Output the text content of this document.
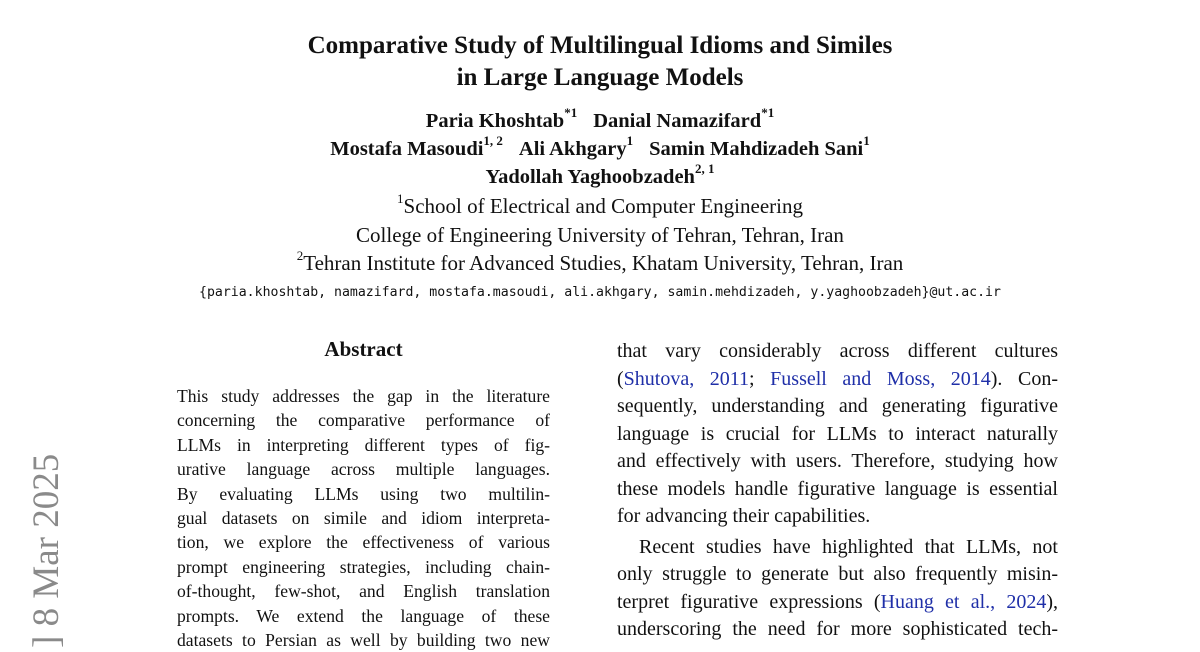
Comparative Study of Multilingual Idioms and Similes
in Large Language Models
Paria Khoshtab$^{*1}$ Danial Namazifard$^{*1}$
Mostafa Masoudi$^{1, 2}$ Ali Akhgary$^1$ Samin Mahdizadeh Sani$^1$
Yadollah Yaghoobzadeh$^{2, 1}$
$^1$School of Electrical and Computer Engineering
College of Engineering University of Tehran, Tehran, Iran
$^2$Tehran Institute for Advanced Studies, Khatam University, Tehran, Iran
{paria.khoshtab, namazifard, mostafa.masoudi, ali.akhgary, samin.mehdizadeh, y.yaghoobzadeh}@ut.ac.ir
] 8 Mar 2025
Abstract
This study addresses the gap in the literature
concerning the comparative performance of
LLMs in interpreting different types of fig-
urative language across multiple languages.
By evaluating LLMs using two multilin-
gual datasets on simile and idiom interpreta-
tion, we explore the effectiveness of various
prompt engineering strategies, including chain-
of-thought, few-shot, and English translation
prompts. We extend the language of these
datasets to Persian as well by building two new
that vary considerably across different cultures
(Shutova, 2011; Fussell and Moss, 2014). Con-
sequently, understanding and generating figurative
language is crucial for LLMs to interact naturally
and effectively with users. Therefore, studying how
these models handle figurative language is essential
for advancing their capabilities.
Recent studies have highlighted that LLMs, not
only struggle to generate but also frequently misin-
terpret figurative expressions (Huang et al., 2024),
underscoring the need for more sophisticated tech-
